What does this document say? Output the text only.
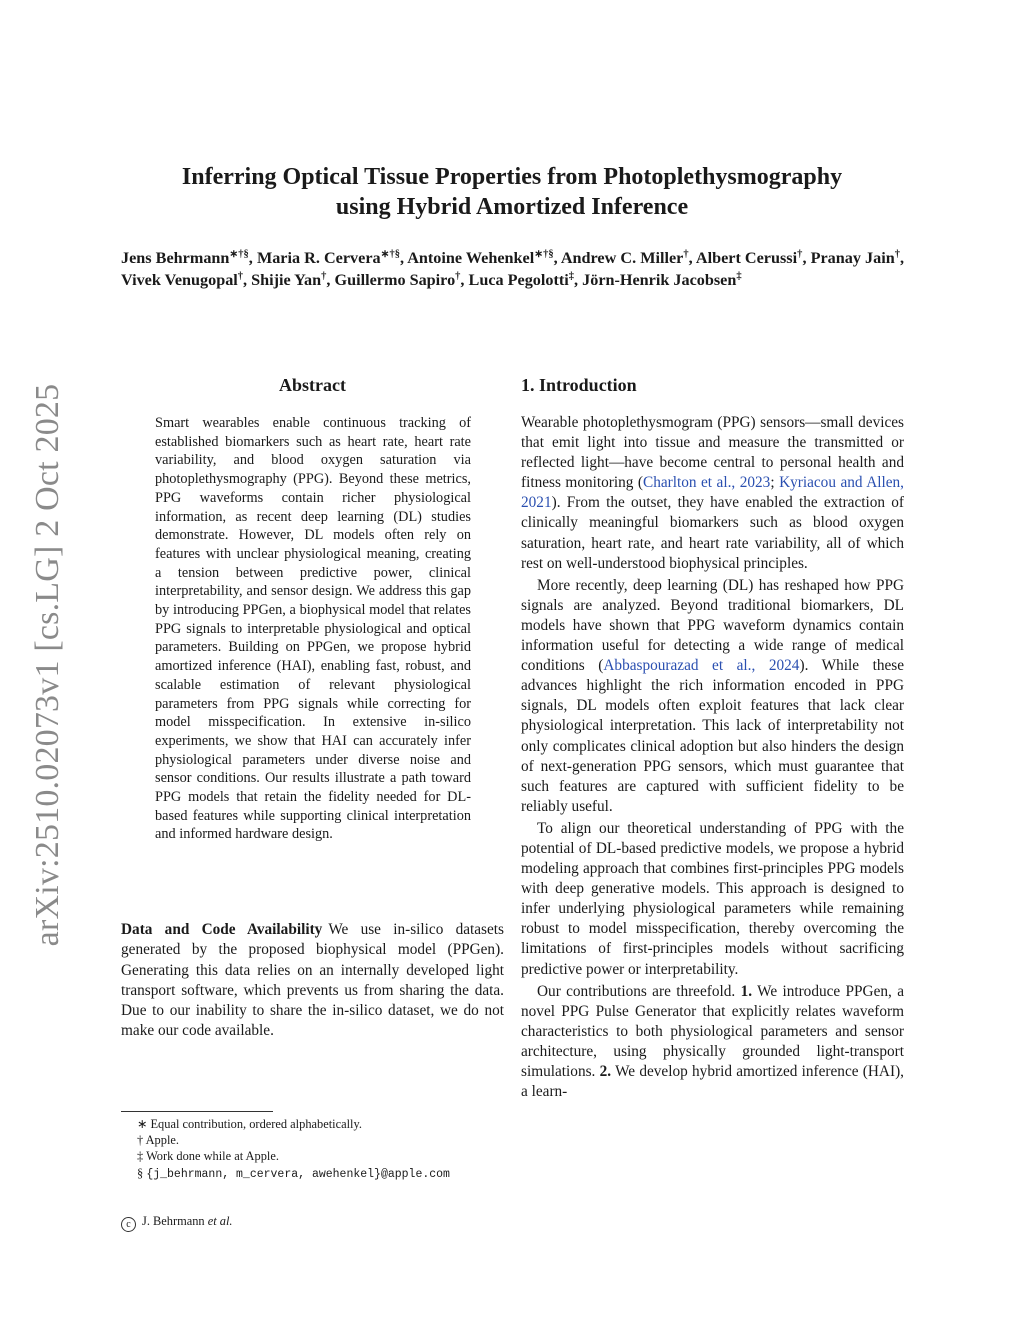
arXiv:2510.02073v1 [cs.LG] 2 Oct 2025
Inferring Optical Tissue Properties from Photoplethysmography
using Hybrid Amortized Inference
Jens Behrmann∗†§, Maria R. Cervera∗†§, Antoine Wehenkel∗†§, Andrew C. Miller†, Albert Cerussi†, Pranay Jain†, Vivek Venugopal†, Shijie Yan†, Guillermo Sapiro†, Luca Pegolotti‡, Jörn-Henrik Jacobsen‡
Abstract
Smart wearables enable continuous tracking of established biomarkers such as heart rate, heart rate variability, and blood oxygen saturation via photoplethysmography (PPG). Beyond these metrics, PPG waveforms contain richer physiological information, as recent deep learning (DL) studies demonstrate. However, DL models often rely on features with unclear physiological meaning, creating a tension between predictive power, clinical interpretability, and sensor design. We address this gap by introducing PPGen, a biophysical model that relates PPG signals to interpretable physiological and optical parameters. Building on PPGen, we propose hybrid amortized inference (HAI), enabling fast, robust, and scalable estimation of relevant physiological parameters from PPG signals while correcting for model misspecification. In extensive in-silico experiments, we show that HAI can accurately infer physiological parameters under diverse noise and sensor conditions. Our results illustrate a path toward PPG models that retain the fidelity needed for DL-based features while supporting clinical interpretation and informed hardware design.
Data and Code Availability We use in-silico datasets generated by the proposed biophysical model (PPGen). Generating this data relies on an internally developed light transport software, which prevents us from sharing the data. Due to our inability to share the in-silico dataset, we do not make our code available.
∗ Equal contribution, ordered alphabetically.
† Apple.
‡ Work done while at Apple.
§ {j_behrmann, m_cervera, awehenkel}@apple.com
c J. Behrmann et al.
1. Introduction

Wearable photoplethysmogram (PPG) sensors—small devices that emit light into tissue and measure the transmitted or reflected light—have become central to personal health and fitness monitoring (Charlton et al., 2023; Kyriacou and Allen, 2021). From the outset, they have enabled the extraction of clinically meaningful biomarkers such as blood oxygen saturation, heart rate, and heart rate variability, all of which rest on well-understood biophysical principles.

More recently, deep learning (DL) has reshaped how PPG signals are analyzed. Beyond traditional biomarkers, DL models have shown that PPG waveform dynamics contain information useful for detecting a wide range of medical conditions (Abbaspourazad et al., 2024). While these advances highlight the rich information encoded in PPG signals, DL models often exploit features that lack clear physiological interpretation. This lack of interpretability not only complicates clinical adoption but also hinders the design of next-generation PPG sensors, which must guarantee that such features are captured with sufficient fidelity to be reliably useful.

To align our theoretical understanding of PPG with the potential of DL-based predictive models, we propose a hybrid modeling approach that combines first-principles PPG models with deep generative models. This approach is designed to infer underlying physiological parameters while remaining robust to model misspecification, thereby overcoming the limitations of first-principles models without sacrificing predictive power or interpretability.

Our contributions are threefold. 1. We introduce PPGen, a novel PPG Pulse Generator that explicitly relates waveform characteristics to both physiological parameters and sensor architecture, using physically grounded light-transport simulations. 2. We develop hybrid amortized inference (HAI), a learn-
